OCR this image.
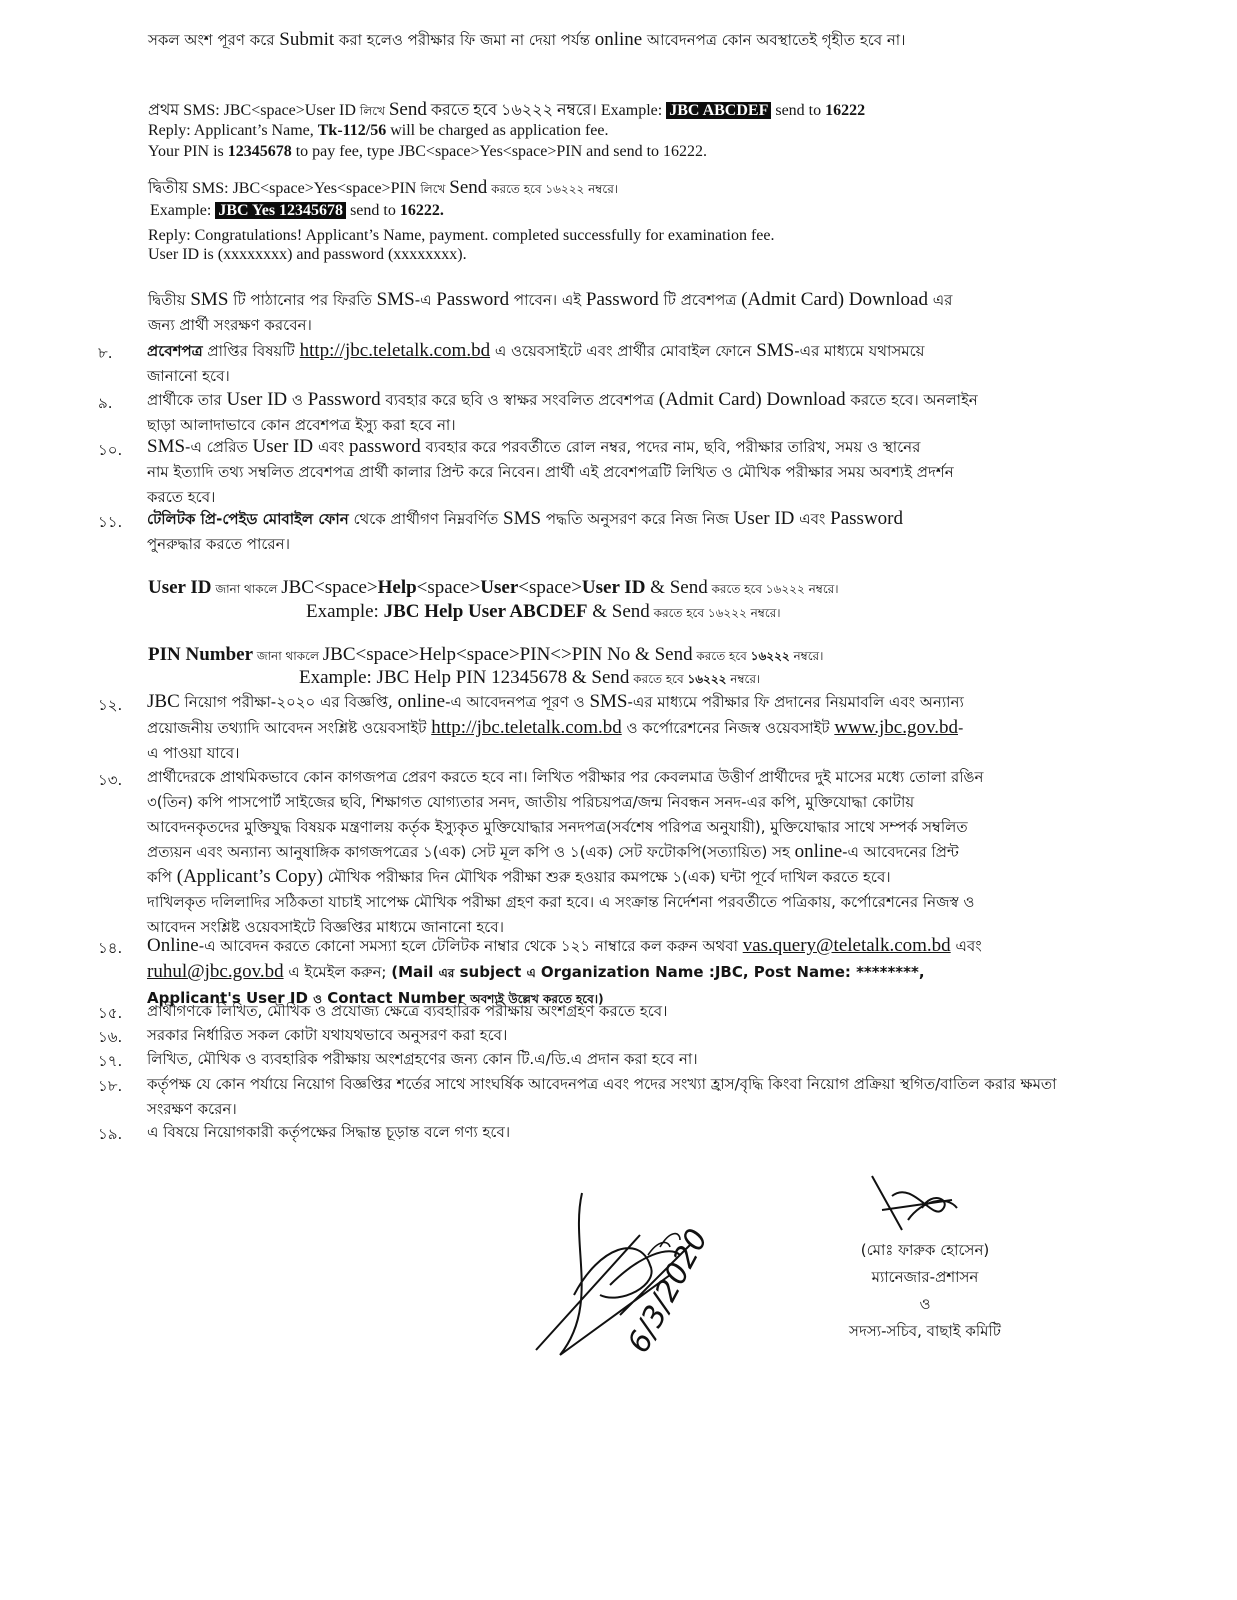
সকল অংশ পূরণ করে Submit করা হলেও পরীক্ষার ফি জমা না দেয়া পর্যন্ত online আবেদনপত্র কোন অবস্থাতেই গৃহীত হবে না।
প্রথম SMS: JBC<space>User ID লিখে Send করতে হবে ১৬২২২ নম্বরে। Example: JBC ABCDEF send to 16222
Reply: Applicant’s Name, Tk-112/56 will be charged as application fee.
Your PIN is 12345678 to pay fee, type JBC<space>Yes<space>PIN and send to 16222.
দ্বিতীয় SMS: JBC<space>Yes<space>PIN লিখে Send করতে হবে ১৬২২২ নম্বরে।
Example: JBC Yes 12345678 send to 16222.
Reply: Congratulations! Applicant’s Name, payment. completed successfully for examination fee.
User ID is (xxxxxxxx) and password (xxxxxxxx).
দ্বিতীয় SMS টি পাঠানোর পর ফিরতি SMS-এ Password পাবেন। এই Password টি প্রবেশপত্র (Admit Card) Download এর
জন্য প্রার্থী সংরক্ষণ করবেন।
৮. প্রবেশপত্র প্রাপ্তির বিষয়টি http://jbc.teletalk.com.bd এ ওয়েবসাইটে এবং প্রার্থীর মোবাইল ফোনে SMS-এর মাধ্যমে যথাসময়ে
জানানো হবে।
৯. প্রার্থীকে তার User ID ও Password ব্যবহার করে ছবি ও স্বাক্ষর সংবলিত প্রবেশপত্র (Admit Card) Download করতে হবে। অনলাইন
ছাড়া আলাদাভাবে কোন প্রবেশপত্র ইস্যু করা হবে না।
১০. SMS-এ প্রেরিত User ID এবং password ব্যবহার করে পরবর্তীতে রোল নম্বর, পদের নাম, ছবি, পরীক্ষার তারিখ, সময় ও স্থানের
নাম ইত্যাদি তথ্য সম্বলিত প্রবেশপত্র প্রার্থী কালার প্রিন্ট করে নিবেন। প্রার্থী এই প্রবেশপত্রটি লিখিত ও মৌখিক পরীক্ষার সময় অবশ্যই প্রদর্শন
করতে হবে।
১১. টেলিটক প্রি-পেইড মোবাইল ফোন থেকে প্রার্থীগণ নিম্নবর্ণিত SMS পদ্ধতি অনুসরণ করে নিজ নিজ User ID এবং Password
পুনরুদ্ধার করতে পারেন।
User ID জানা থাকলে JBC<space>Help<space>User<space>User ID & Send করতে হবে ১৬২২২ নম্বরে।
Example: JBC Help User ABCDEF & Send করতে হবে ১৬২২২ নম্বরে।
PIN Number জানা থাকলে JBC<space>Help<space>PIN<>PIN No & Send করতে হবে ১৬২২২ নম্বরে।
Example: JBC Help PIN 12345678 & Send করতে হবে ১৬২২২ নম্বরে।
১২. JBC নিয়োগ পরীক্ষা-২০২০ এর বিজ্ঞপ্তি, online-এ আবেদনপত্র পূরণ ও SMS-এর মাধ্যমে পরীক্ষার ফি প্রদানের নিয়মাবলি এবং অন্যান্য
প্রয়োজনীয় তথ্যাদি আবেদন সংশ্লিষ্ট ওয়েবসাইট http://jbc.teletalk.com.bd ও কর্পোরেশনের নিজস্ব ওয়েবসাইট www.jbc.gov.bd-
এ পাওয়া যাবে।
১৩. প্রার্থীদেরকে প্রাথমিকভাবে কোন কাগজপত্র প্রেরণ করতে হবে না। লিখিত পরীক্ষার পর কেবলমাত্র উত্তীর্ণ প্রার্থীদের দুই মাসের মধ্যে তোলা রঙিন
৩(তিন) কপি পাসপোর্ট সাইজের ছবি, শিক্ষাগত যোগ্যতার সনদ, জাতীয় পরিচয়পত্র/জন্ম নিবন্ধন সনদ-এর কপি, মুক্তিযোদ্ধা কোটায়
আবেদনকৃতদের মুক্তিযুদ্ধ বিষয়ক মন্ত্রণালয় কর্তৃক ইস্যুকৃত মুক্তিযোদ্ধার সনদপত্র(সর্বশেষ পরিপত্র অনুযায়ী), মুক্তিযোদ্ধার সাথে সম্পর্ক সম্বলিত
প্রত্যয়ন এবং অন্যান্য আনুষাঙ্গিক কাগজপত্রের ১(এক) সেট মূল কপি ও ১(এক) সেট ফটোকপি(সত্যায়িত) সহ online-এ আবেদনের প্রিন্ট
কপি (Applicant’s Copy) মৌখিক পরীক্ষার দিন মৌখিক পরীক্ষা শুরু হওয়ার কমপক্ষে ১(এক) ঘন্টা পূর্বে দাখিল করতে হবে।
দাখিলকৃত দলিলাদির সঠিকতা যাচাই সাপেক্ষ মৌখিক পরীক্ষা গ্রহণ করা হবে। এ সংক্রান্ত নির্দেশনা পরবর্তীতে পত্রিকায়, কর্পোরেশনের নিজস্ব ও
আবেদন সংশ্লিষ্ট ওয়েবসাইটে বিজ্ঞপ্তির মাধ্যমে জানানো হবে।
১৪. Online-এ আবেদন করতে কোনো সমস্যা হলে টেলিটক নাম্বার থেকে ১২১ নাম্বারে কল করুন অথবা vas.query@teletalk.com.bd এবং
ruhul@jbc.gov.bd এ ইমেইল করুন; (Mail এর subject এ Organization Name :JBC, Post Name: ********,
Applicant's User ID ও Contact Number অবশ্যই উল্লেখ করতে হবে।)
১৫. প্রার্থীগণকে লিখিত, মৌখিক ও প্রযোজ্য ক্ষেত্রে ব্যবহারিক পরীক্ষায় অংশগ্রহণ করতে হবে।
১৬. সরকার নির্ধারিত সকল কোটা যথাযথভাবে অনুসরণ করা হবে।
১৭. লিখিত, মৌখিক ও ব্যবহারিক পরীক্ষায় অংশগ্রহণের জন্য কোন টি.এ/ডি.এ প্রদান করা হবে না।
১৮. কর্তৃপক্ষ যে কোন পর্যায়ে নিয়োগ বিজ্ঞপ্তির শর্তের সাথে সাংঘর্ষিক আবেদনপত্র এবং পদের সংখ্যা হ্রাস/বৃদ্ধি কিংবা নিয়োগ প্রক্রিয়া স্থগিত/বাতিল করার ক্ষমতা
সংরক্ষণ করেন।
১৯. এ বিষয়ে নিয়োগকারী কর্তৃপক্ষের সিদ্ধান্ত চূড়ান্ত বলে গণ্য হবে।
6/3/2020	(মোঃ ফারুক হোসেন)
ম্যানেজার-প্রশাসন
ও
সদস্য-সচিব, বাছাই কমিটি
